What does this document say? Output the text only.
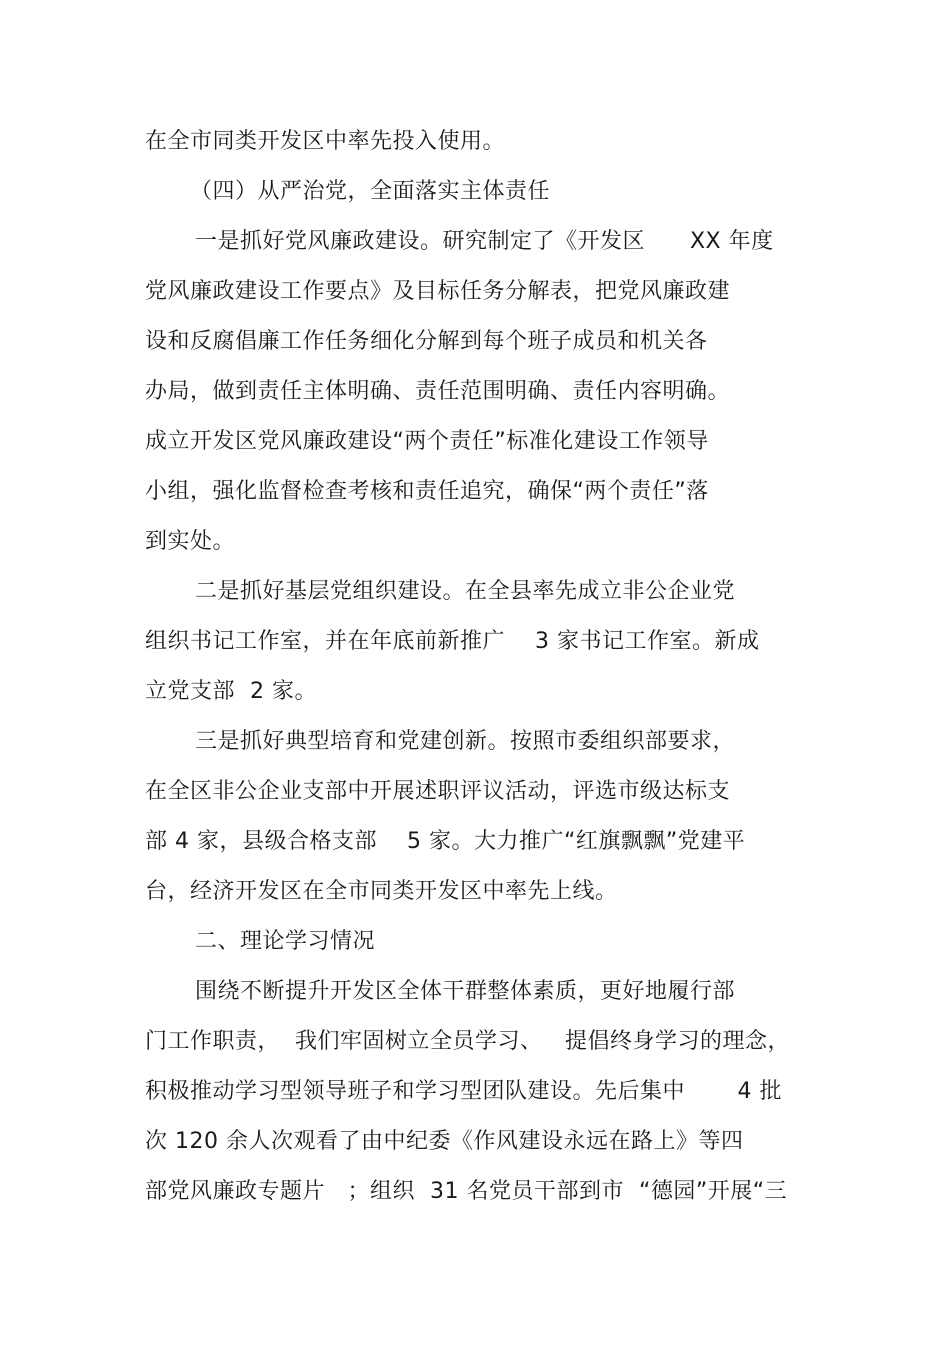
在全市同类开发区中率先投入使用。

（四）从严治党，全面落实主体责任

一是抓好党风廉政建设。研究制定了《开发区      XX 年度

党风廉政建设工作要点》及目标任务分解表，把党风廉政建

设和反腐倡廉工作任务细化分解到每个班子成员和机关各

办局，做到责任主体明确、责任范围明确、责任内容明确。

成立开发区党风廉政建设“两个责任”标准化建设工作领导

小组，强化监督检查考核和责任追究，确保“两个责任”落

到实处。

二是抓好基层党组织建设。在全县率先成立非公企业党

组织书记工作室，并在年底前新推广    3 家书记工作室。新成

立党支部  2 家。

三是抓好典型培育和党建创新。按照市委组织部要求，

在全区非公企业支部中开展述职评议活动，评选市级达标支

部 4 家，县级合格支部    5 家。大力推广“红旗飘飘”党建平

台，经济开发区在全市同类开发区中率先上线。

二、理论学习情况

围绕不断提升开发区全体干群整体素质，更好地履行部

门工作职责，  我们牢固树立全员学习、   提倡终身学习的理念，

积极推动学习型领导班子和学习型团队建设。先后集中       4 批

次 120 余人次观看了由中纪委《作风建设永远在路上》等四

部党风廉政专题片   ；组织  31 名党员干部到市  “德园”开展“三
